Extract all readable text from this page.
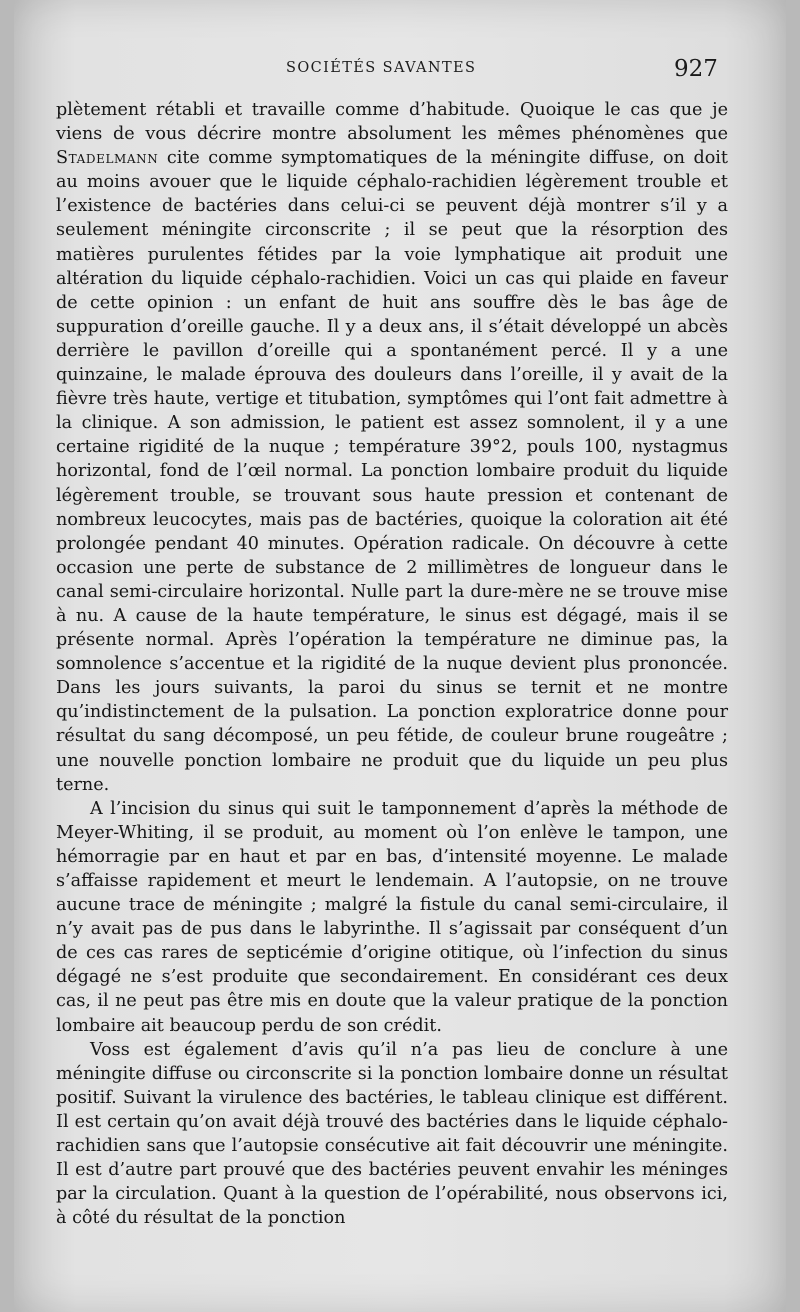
SOCIÉTÉS SAVANTES	927

plètement rétabli et travaille comme d’habitude. Quoique le cas que je viens de vous décrire montre absolument les mêmes phénomènes que Stadelmann cite comme symptomatiques de la méningite diffuse, on doit au moins avouer que le liquide céphalo-rachidien légèrement trouble et l’existence de bactéries dans celui-ci se peuvent déjà montrer s’il y a seulement méningite circonscrite ; il se peut que la résorption des matières purulentes fétides par la voie lymphatique ait produit une altération du liquide céphalo-rachidien. Voici un cas qui plaide en faveur de cette opinion : un enfant de huit ans souffre dès le bas âge de suppuration d’oreille gauche. Il y a deux ans, il s’était développé un abcès derrière le pavillon d’oreille qui a spontanément percé. Il y a une quinzaine, le malade éprouva des douleurs dans l’oreille, il y avait de la fièvre très haute, vertige et titubation, symptômes qui l’ont fait admettre à la clinique. A son admission, le patient est assez somnolent, il y a une certaine rigidité de la nuque ; température 39°2, pouls 100, nystagmus horizontal, fond de l’œil normal. La ponction lombaire produit du liquide légèrement trouble, se trouvant sous haute pression et contenant de nombreux leucocytes, mais pas de bactéries, quoique la coloration ait été prolongée pendant 40 minutes. Opération radicale. On découvre à cette occasion une perte de substance de 2 millimètres de longueur dans le canal semi-circulaire horizontal. Nulle part la dure-mère ne se trouve mise à nu. A cause de la haute température, le sinus est dégagé, mais il se présente normal. Après l’opération la température ne diminue pas, la somnolence s’accentue et la rigidité de la nuque devient plus prononcée. Dans les jours suivants, la paroi du sinus se ternit et ne montre qu’indistinctement de la pulsation. La ponction exploratrice donne pour résultat du sang décomposé, un peu fétide, de couleur brune rougeâtre ; une nouvelle ponction lombaire ne produit que du liquide un peu plus terne.

A l’incision du sinus qui suit le tamponnement d’après la méthode de Meyer-Whiting, il se produit, au moment où l’on enlève le tampon, une hémorragie par en haut et par en bas, d’intensité moyenne. Le malade s’affaisse rapidement et meurt le lendemain. A l’autopsie, on ne trouve aucune trace de méningite ; malgré la fistule du canal semi-circulaire, il n’y avait pas de pus dans le labyrinthe. Il s’agissait par conséquent d’un de ces cas rares de septicémie d’origine otitique, où l’infection du sinus dégagé ne s’est produite que secondairement. En considérant ces deux cas, il ne peut pas être mis en doute que la valeur pratique de la ponction lombaire ait beaucoup perdu de son crédit.

Voss est également d’avis qu’il n’a pas lieu de conclure à une méningite diffuse ou circonscrite si la ponction lombaire donne un résultat positif. Suivant la virulence des bactéries, le tableau clinique est différent. Il est certain qu’on avait déjà trouvé des bactéries dans le liquide céphalo-rachidien sans que l’autopsie consécutive ait fait découvrir une méningite. Il est d’autre part prouvé que des bactéries peuvent envahir les méninges par la circulation. Quant à la question de l’opérabilité, nous observons ici, à côté du résultat de la ponction
